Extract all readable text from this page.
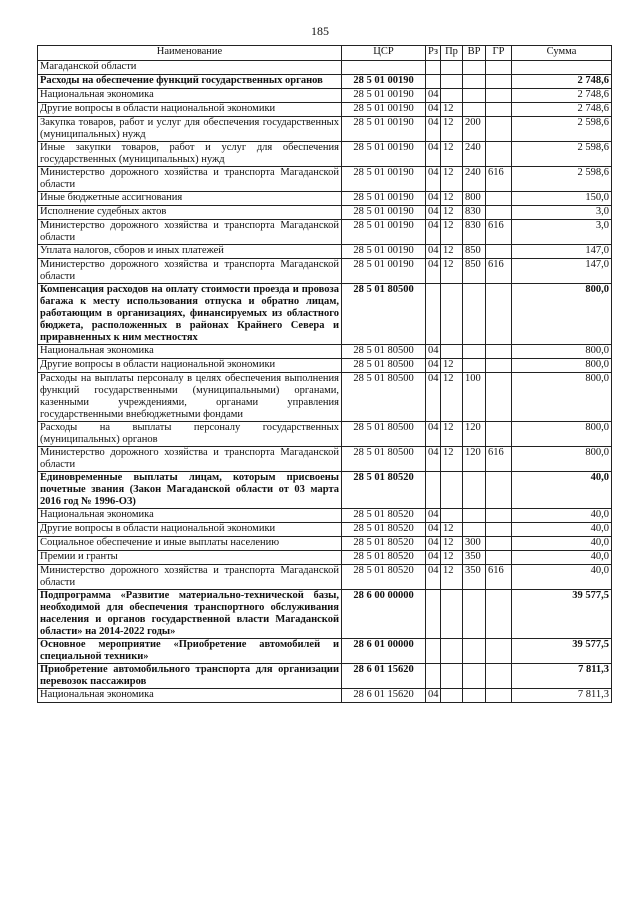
185
Наименование	ЦСР	Рз	Пр	ВР	ГР	Сумма
Магаданской области						
Расходы на обеспечение функций государственных органов	28 5 01 00190					2 748,6
Национальная экономика	28 5 01 00190	04				2 748,6
Другие вопросы в области национальной экономики	28 5 01 00190	04	12			2 748,6
Закупка товаров, работ и услуг для обеспечения государственных (муниципальных) нужд	28 5 01 00190	04	12	200		2 598,6
Иные закупки товаров, работ и услуг для обеспечения государственных (муниципальных) нужд	28 5 01 00190	04	12	240		2 598,6
Министерство дорожного хозяйства и транспорта Магаданской области	28 5 01 00190	04	12	240	616	2 598,6
Иные бюджетные ассигнования	28 5 01 00190	04	12	800		150,0
Исполнение судебных актов	28 5 01 00190	04	12	830		3,0
Министерство дорожного хозяйства и транспорта Магаданской области	28 5 01 00190	04	12	830	616	3,0
Уплата налогов, сборов и иных платежей	28 5 01 00190	04	12	850		147,0
Министерство дорожного хозяйства и транспорта Магаданской области	28 5 01 00190	04	12	850	616	147,0
Компенсация расходов на оплату стоимости проезда и провоза багажа к месту использования отпуска и обратно лицам, работающим в организациях, финансируемых из областного бюджета, расположенных в районах Крайнего Севера и приравненных к ним местностях	28 5 01 80500					800,0
Национальная экономика	28 5 01 80500	04				800,0
Другие вопросы в области национальной экономики	28 5 01 80500	04	12			800,0
Расходы на выплаты персоналу в целях обеспечения выполнения функций государственными (муниципальными) органами, казенными учреждениями, органами управления государственными внебюджетными фондами	28 5 01 80500	04	12	100		800,0
Расходы на выплаты персоналу государственных (муниципальных) органов	28 5 01 80500	04	12	120		800,0
Министерство дорожного хозяйства и транспорта Магаданской области	28 5 01 80500	04	12	120	616	800,0
Единовременные выплаты лицам, которым присвоены почетные звания (Закон Магаданской области от 03 марта 2016 год № 1996-ОЗ)	28 5 01 80520					40,0
Национальная экономика	28 5 01 80520	04				40,0
Другие вопросы в области национальной экономики	28 5 01 80520	04	12			40,0
Социальное обеспечение и иные выплаты населению	28 5 01 80520	04	12	300		40,0
Премии и гранты	28 5 01 80520	04	12	350		40,0
Министерство дорожного хозяйства и транспорта Магаданской области	28 5 01 80520	04	12	350	616	40,0
Подпрограмма «Развитие материально-технической базы, необходимой для обеспечения транспортного обслуживания населения и органов государственной власти Магаданской области» на 2014-2022 годы»	28 6 00 00000					39 577,5
Основное мероприятие «Приобретение автомобилей и специальной техники»	28 6 01 00000					39 577,5
Приобретение автомобильного транспорта для организации перевозок пассажиров	28 6 01 15620					7 811,3
Национальная экономика	28 6 01 15620	04				7 811,3
